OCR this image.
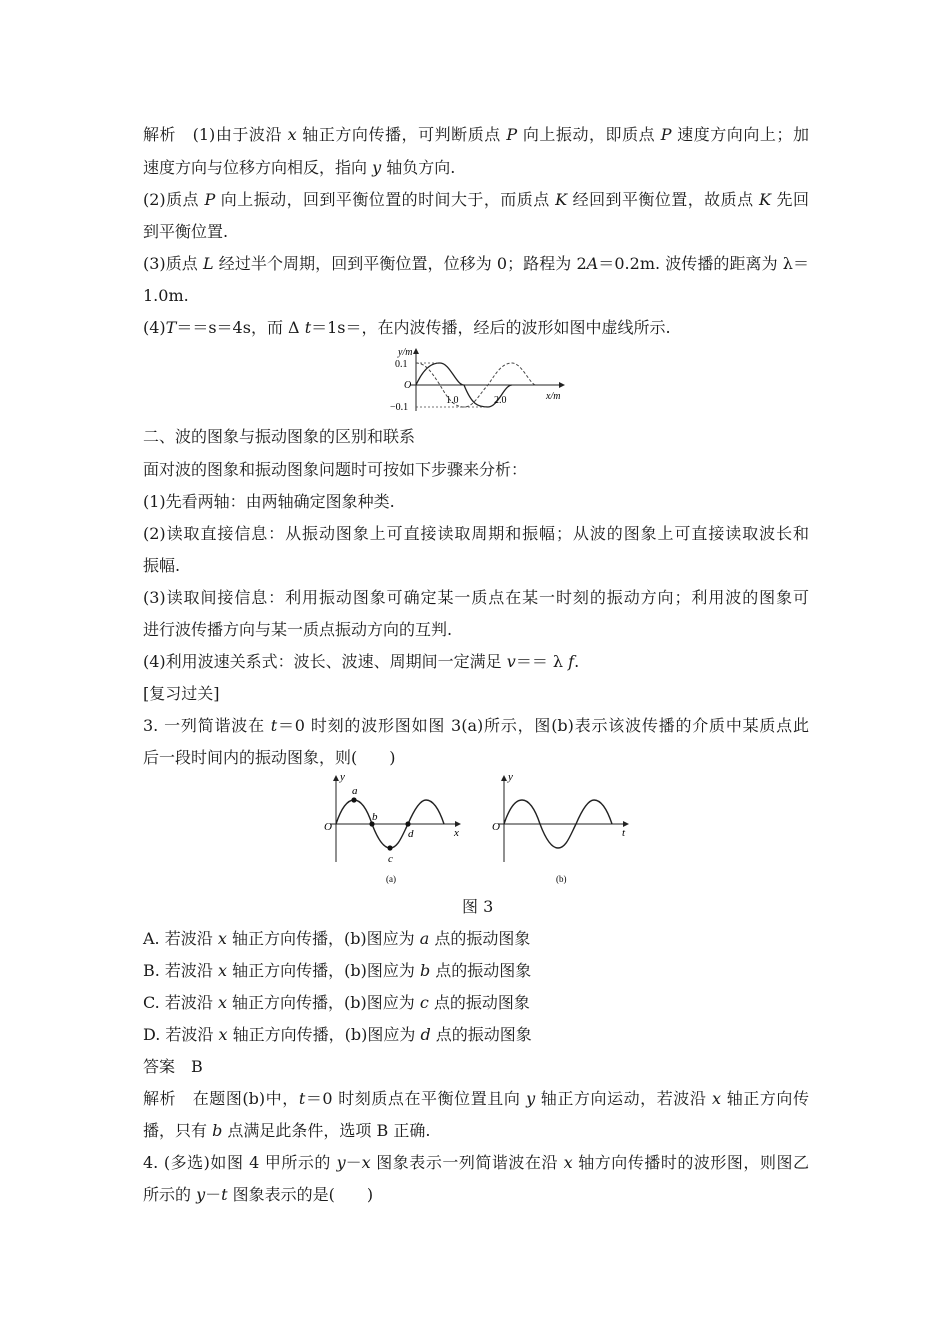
解析　(1)由于波沿 x 轴正方向传播，可判断质点 P 向上振动，即质点 P 速度方向向上；加
速度方向与位移方向相反，指向 y 轴负方向.
(2)质点 P 向上振动，回到平衡位置的时间大于，而质点 K 经回到平衡位置，故质点 K 先回
到平衡位置.
(3)质点 L 经过半个周期，回到平衡位置，位移为 0；路程为 2A＝0.2m. 波传播的距离为 λ＝
1.0m.
(4)T＝＝s＝4s，而 Δ t＝1s＝，在内波传播，经后的波形如图中虚线所示.
y/m
x/m
0.1
O
−0.1
1.0	2.0
二、波的图象与振动图象的区别和联系
面对波的图象和振动图象问题时可按如下步骤来分析：
(1)先看两轴：由两轴确定图象种类.
(2)读取直接信息：从振动图象上可直接读取周期和振幅；从波的图象上可直接读取波长和
振幅.
(3)读取间接信息：利用振动图象可确定某一质点在某一时刻的振动方向；利用波的图象可
进行波传播方向与某一质点振动方向的互判.
(4)利用波速关系式：波长、波速、周期间一定满足 v＝＝ λ f.
[复习过关]
3. 一列简谐波在 t＝0 时刻的波形图如图 3(a)所示，图(b)表示该波传播的介质中某质点此
后一段时间内的振动图象，则(　　)
y
x
O
a
b
c
d
(a)
y
t
O
(b)
图 3
A. 若波沿 x 轴正方向传播，(b)图应为 a 点的振动图象
B. 若波沿 x 轴正方向传播，(b)图应为 b 点的振动图象
C. 若波沿 x 轴正方向传播，(b)图应为 c 点的振动图象
D. 若波沿 x 轴正方向传播，(b)图应为 d 点的振动图象
答案　B
解析　在题图(b)中，t＝0 时刻质点在平衡位置且向 y 轴正方向运动，若波沿 x 轴正方向传
播，只有 b 点满足此条件，选项 B 正确.
4. (多选)如图 4 甲所示的 y－x 图象表示一列简谐波在沿 x 轴方向传播时的波形图，则图乙
所示的 y－t 图象表示的是(　　)
